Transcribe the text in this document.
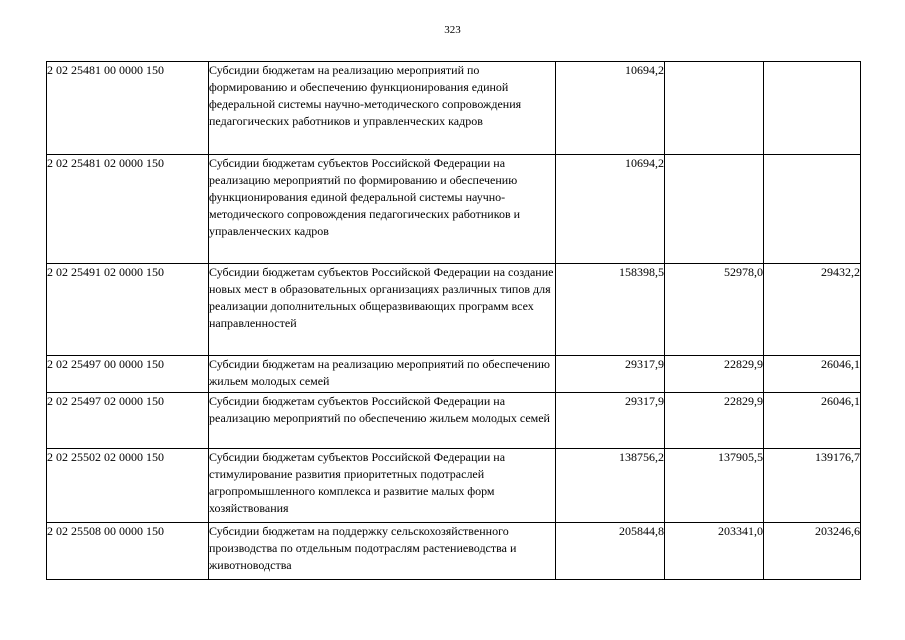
323
2 02 25481 00 0000 150	Субсидии бюджетам на реализацию мероприятий по формированию и обеспечению функционирования единой федеральной системы научно-методического сопровождения педагогических работников и управленческих кадров	10694,2		
2 02 25481 02 0000 150	Субсидии бюджетам субъектов Российской Федерации на реализацию мероприятий по формированию и обеспечению функционирования единой федеральной системы научно-методического сопровождения педагогических работников и управленческих кадров	10694,2		
2 02 25491 02 0000 150	Субсидии бюджетам субъектов Российской Федерации на создание новых мест в образовательных организациях различных типов для реализации дополнительных общеразвивающих программ всех направленностей	158398,5	52978,0	29432,2
2 02 25497 00 0000 150	Субсидии бюджетам на реализацию мероприятий по обеспечению жильем молодых семей	29317,9	22829,9	26046,1
2 02 25497 02 0000 150	Субсидии бюджетам субъектов Российской Федерации на реализацию мероприятий по обеспечению жильем молодых семей	29317,9	22829,9	26046,1
2 02 25502 02 0000 150	Субсидии бюджетам субъектов Российской Федерации на стимулирование развития приоритетных подотраслей агропромышленного комплекса и развитие малых форм хозяйствования	138756,2	137905,5	139176,7
2 02 25508 00 0000 150	Субсидии бюджетам на поддержку сельскохозяйственного производства по отдельным подотраслям растениеводства и животноводства	205844,8	203341,0	203246,6
